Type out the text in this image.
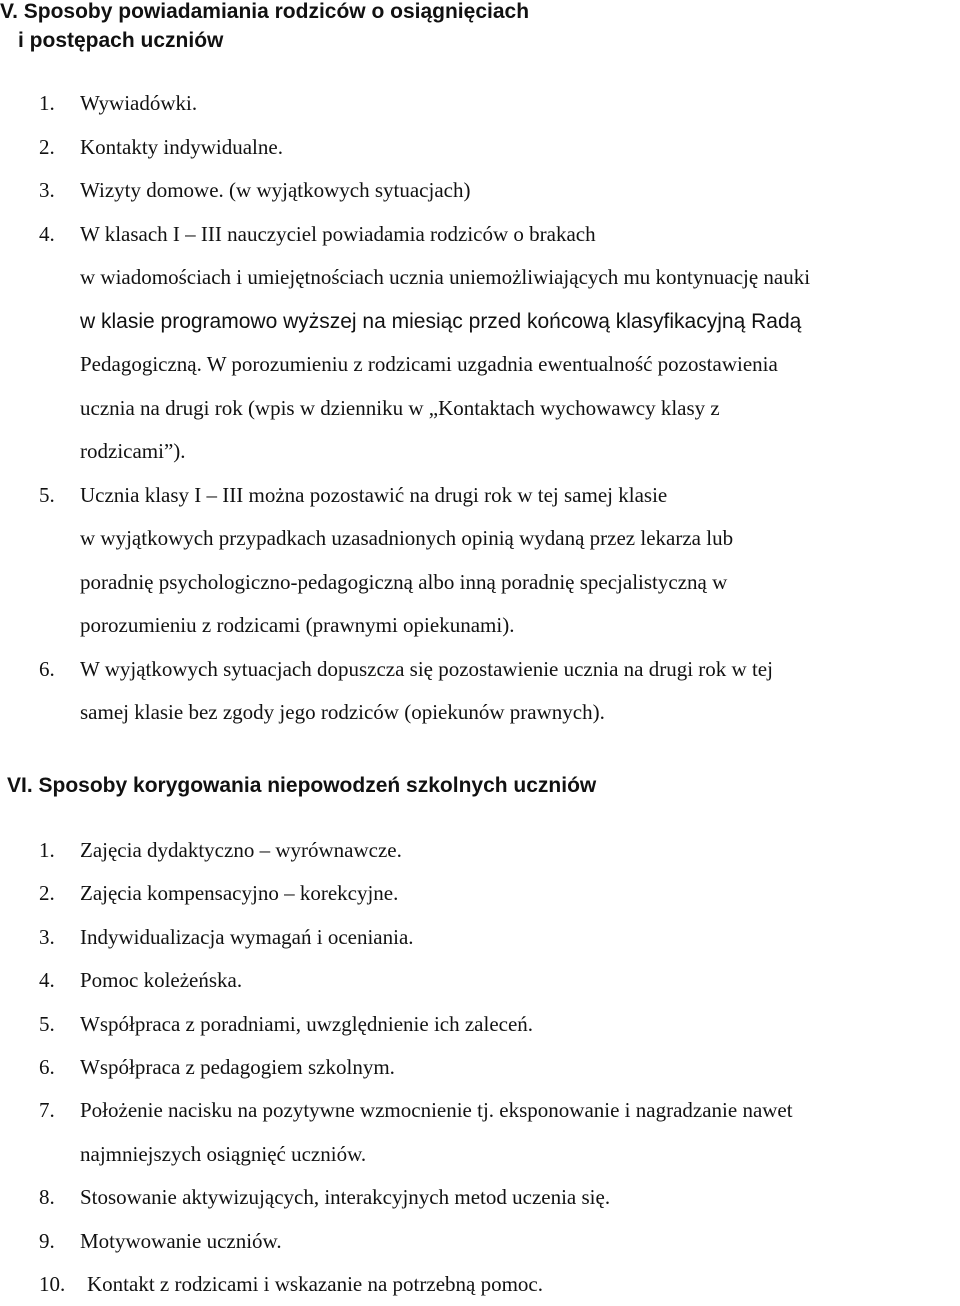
V. Sposoby powiadamiania rodziców o osiągnięciach
i postępach uczniów
1. Wywiadówki.
2. Kontakty indywidualne.
3. Wizyty domowe. (w wyjątkowych sytuacjach)
4. W klasach I – III nauczyciel powiadamia rodziców o brakach
w wiadomościach i umiejętnościach ucznia uniemożliwiających mu kontynuację nauki
w klasie programowo wyższej na miesiąc przed końcową klasyfikacyjną Radą
Pedagogiczną. W porozumieniu z rodzicami uzgadnia ewentualność pozostawienia
ucznia na drugi rok (wpis w dzienniku w „Kontaktach wychowawcy klasy z
rodzicami”).
5. Ucznia klasy I – III można pozostawić na drugi rok w tej samej klasie
w wyjątkowych przypadkach uzasadnionych opinią wydaną przez lekarza lub
poradnię psychologiczno-pedagogiczną albo inną poradnię specjalistyczną w
porozumieniu z rodzicami (prawnymi opiekunami).
6. W wyjątkowych sytuacjach dopuszcza się pozostawienie ucznia na drugi rok w tej
samej klasie bez zgody jego rodziców (opiekunów prawnych).
VI. Sposoby korygowania niepowodzeń szkolnych uczniów
1. Zajęcia dydaktyczno – wyrównawcze.
2. Zajęcia kompensacyjno – korekcyjne.
3. Indywidualizacja wymagań i oceniania.
4. Pomoc koleżeńska.
5. Współpraca z poradniami, uwzględnienie ich zaleceń.
6. Współpraca z pedagogiem szkolnym.
7. Położenie nacisku na pozytywne wzmocnienie tj. eksponowanie i nagradzanie nawet
najmniejszych osiągnięć uczniów.
8. Stosowanie aktywizujących, interakcyjnych metod uczenia się.
9. Motywowanie uczniów.
10. Kontakt z rodzicami i wskazanie na potrzebną pomoc.
